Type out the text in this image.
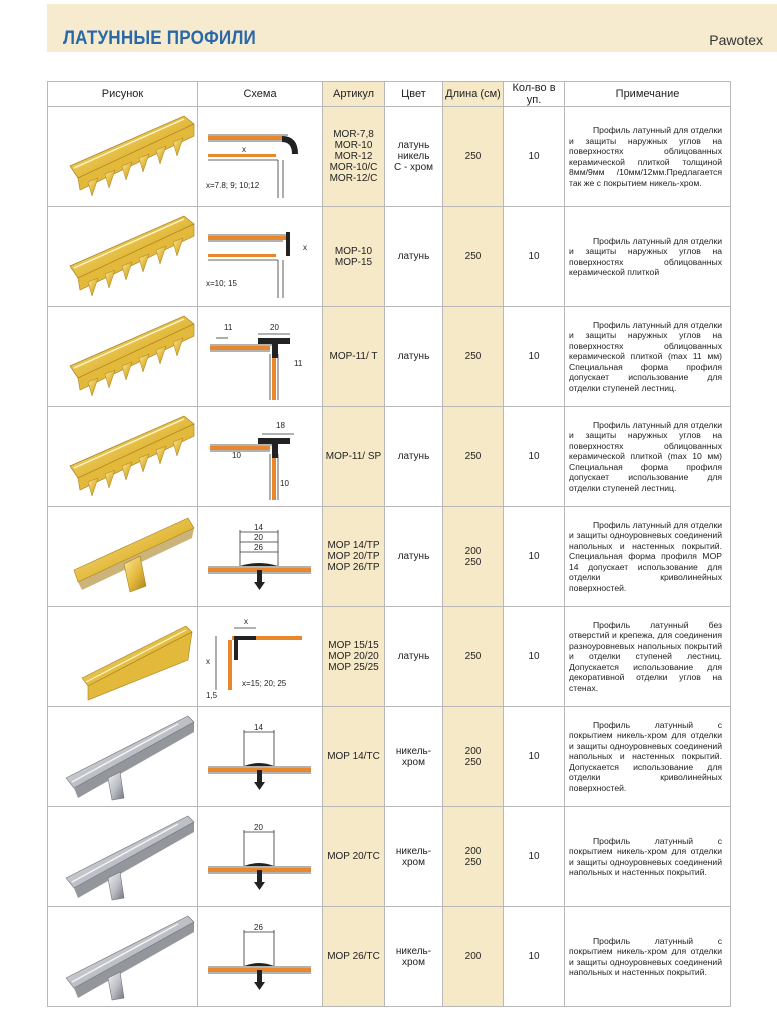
ЛАТУННЫЕ ПРОФИЛИ	Pawotex
Рисунок	Схема	Артикул	Цвет	Длина (см)	Кол-во в уп.	Примечание

x
x=7.8; 9; 10;12	MOR-7,8
MOR-10
MOR-12
MOR-10/C
MOR-12/C	латунь
никель
С - хром	250	10	Профиль латунный для отделки и защиты наружных углов на поверхностях облицованных керамической плиткой толщиной 8мм/9мм /10мм/12мм.Предлагается так же с покрытием никель-хром.

x
x=10; 15	MOP-10
MOP-15	латунь	250	10	Профиль латунный для отделки и защиты наружных углов на поверхностях облицованных керамической плиткой

11 20
11	MOP-11/ T	латунь	250	10	Профиль латунный для отделки и защиты наружных углов на поверхностях облицованных керамической плиткой (max 11 мм) Специальная форма профиля допускает использование для отделки ступеней лестниц.

18
10
10	MOP-11/ SP	латунь	250	10	Профиль латунный для отделки и защиты наружных углов на поверхностях облицованных керамической плиткой (max 10 мм) Специальная форма профиля допускает использование для отделки ступеней лестниц.

14
20
26	MOP 14/TP
MOP 20/TP
MOP 26/TP	латунь	200
250	10	Профиль латунный для отделки и защиты одноуровневых соединений напольных и настенных покрытий. Специальная форма профиля MOP 14 допускает использование для отделки криволинейных поверхностей.

x
x
x=15; 20; 25
1,5	MOP 15/15
MOP 20/20
MOP 25/25	латунь	250	10	Профиль латунный без отверстий и крепежа, для соединения разноуровневых напольных покрытий и отделки ступеней лестниц. Допускается использование для декоративной отделки углов на стенах.

14	MOP 14/TC	никель-
хром	200
250	10	Профиль латунный с покрытием никель-хром для отделки и защиты одноуровневых соединений напольных и настенных покрытий. Допускается использование для отделки криволинейных поверхностей.

20	MOP 20/TC	никель-
хром	200
250	10	Профиль латунный с покрытием никель-хром для отделки и защиты одноуровневых соединений напольных и настенных покрытий.

26	MOP 26/TC	никель-
хром	200	10	Профиль латунный с покрытием никель-хром для отделки и защиты одноуровневых соединений напольных и настенных покрытий.
